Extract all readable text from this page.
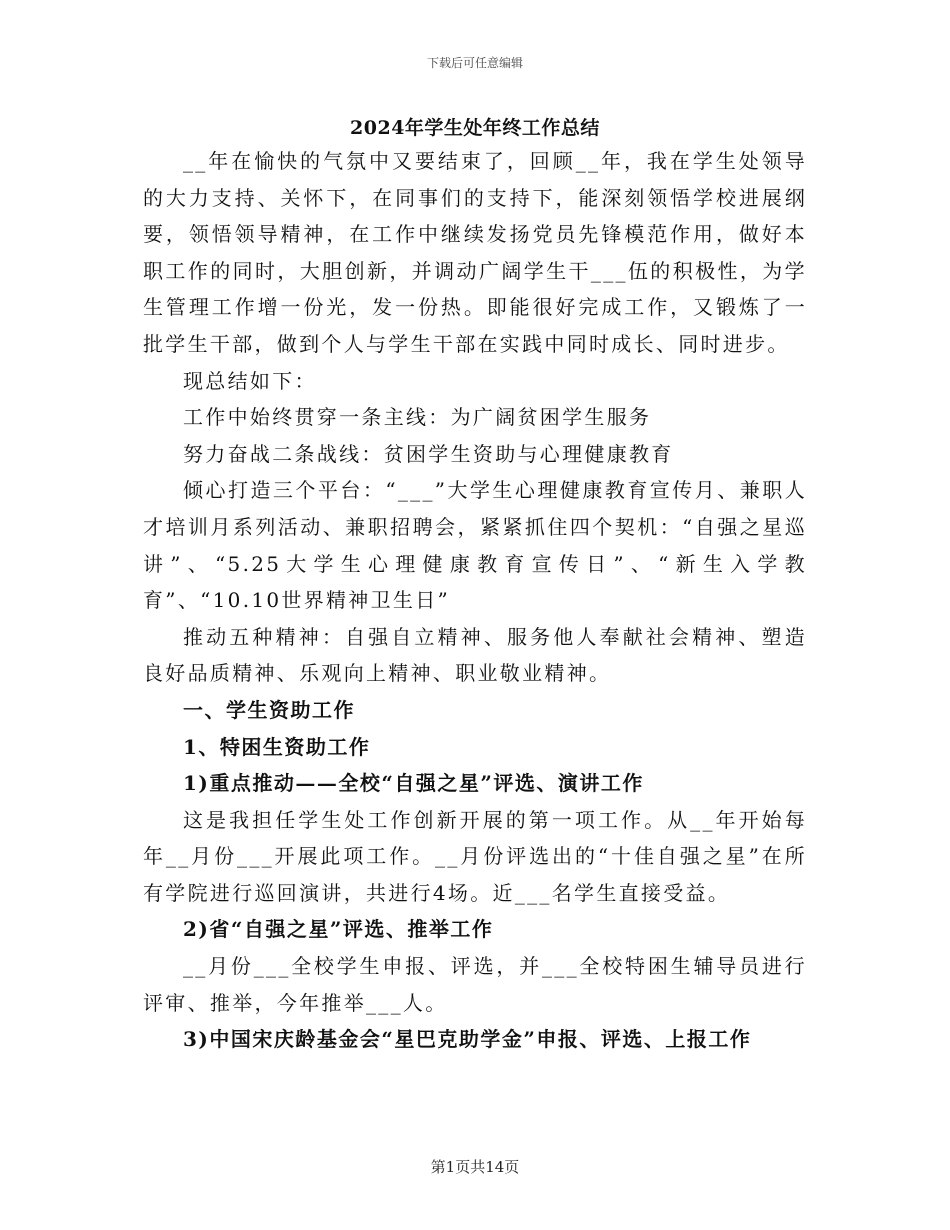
下载后可任意编辑
2024年学生处年终工作总结

__年在愉快的气氛中又要结束了，回顾__年，我在学生处领导的大力支持、关怀下，在同事们的支持下，能深刻领悟学校进展纲要，领悟领导精神，在工作中继续发扬党员先锋模范作用，做好本职工作的同时，大胆创新，并调动广阔学生干___伍的积极性，为学生管理工作增一份光，发一份热。即能很好完成工作，又锻炼了一批学生干部，做到个人与学生干部在实践中同时成长、同时进步。

现总结如下：

工作中始终贯穿一条主线：为广阔贫困学生服务

努力奋战二条战线：贫困学生资助与心理健康教育

倾心打造三个平台：“___”大学生心理健康教育宣传月、兼职人才培训月系列活动、兼职招聘会，紧紧抓住四个契机：“自强之星巡讲”、“5.25大学生心理健康教育宣传日”、“新生入学教育”、“10.10世界精神卫生日”

推动五种精神：自强自立精神、服务他人奉献社会精神、塑造良好品质精神、乐观向上精神、职业敬业精神。

一、学生资助工作

1、特困生资助工作

1)重点推动——全校“自强之星”评选、演讲工作

这是我担任学生处工作创新开展的第一项工作。从__年开始每年__月份___开展此项工作。__月份评选出的“十佳自强之星”在所有学院进行巡回演讲，共进行4场。近___名学生直接受益。

2)省“自强之星”评选、推举工作

__月份___全校学生申报、评选，并___全校特困生辅导员进行评审、推举，今年推举___人。

3)中国宋庆龄基金会“星巴克助学金”申报、评选、上报工作

第1页共14页
